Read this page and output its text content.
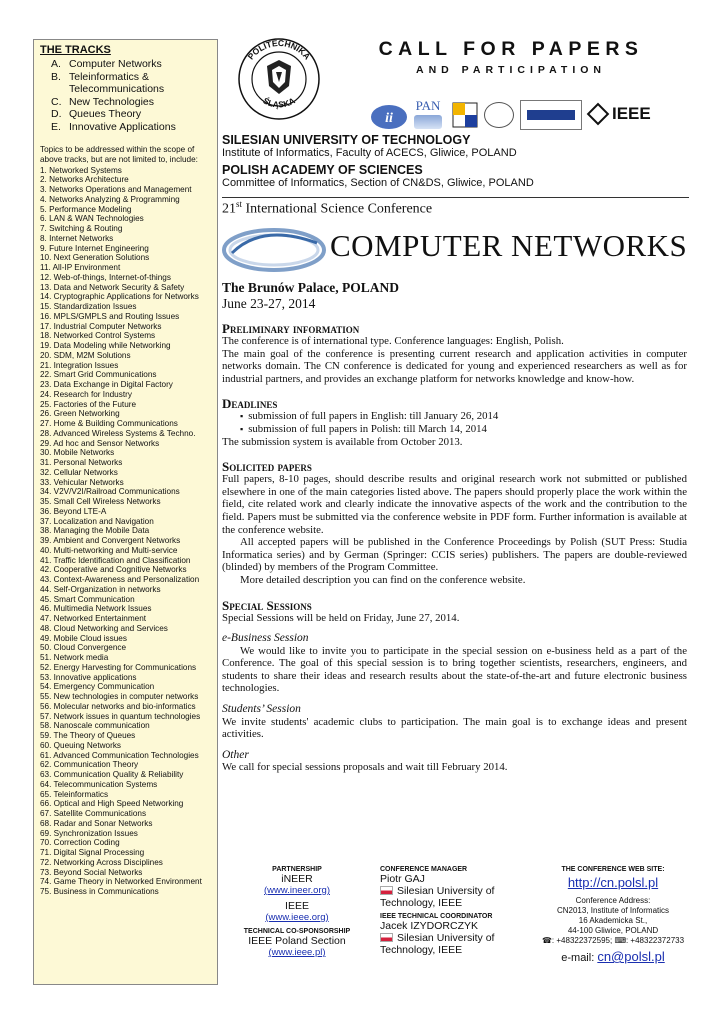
THE TRACKS
A. Computer Networks
B. Teleinformatics &
Telecommunications
C. New Technologies
D. Queues Theory
E. Innovative Applications
Topics to be addressed within the scope of above tracks, but are not limited to, include:
1. Networked Systems
2. Networks Architecture
3. Networks Operations and Management
4. Networks Analyzing & Programming
5. Performance Modeling
6. LAN & WAN Technologies
7. Switching & Routing
8. Internet Networks
9. Future Internet Engineering
10. Next Generation Solutions
11. All-IP Environment
12. Web-of-things, Internet-of-things
13. Data and Network Security & Safety
14. Cryptographic Applications for Networks
15. Standardization Issues
16. MPLS/GMPLS and Routing Issues
17. Industrial Computer Networks
18. Networked Control Systems
19. Data Modeling while Networking
20. SDM, M2M Solutions
21. Integration Issues
22. Smart Grid Communications
23. Data Exchange in Digital Factory
24. Research for Industry
25. Factories of the Future
26. Green Networking
27. Home & Building Communications
28. Advanced Wireless Systems & Techno.
29. Ad hoc and Sensor Networks
30. Mobile Networks
31. Personal Networks
32. Cellular Networks
33. Vehicular Networks
34. V2V/V2I/Railroad Communications
35. Small Cell Wireless Networks
36. Beyond LTE-A
37. Localization and Navigation
38. Managing the Mobile Data
39. Ambient and Convergent Networks
40. Multi-networking and Multi-service
41. Traffic Identification and Classification
42. Cooperative and Cognitive Networks
43. Context-Awareness and Personalization
44. Self-Organization in networks
45. Smart Communication
46. Multimedia Network Issues
47. Networked Entertainment
48. Cloud Networking and Services
49. Mobile Cloud issues
50. Cloud Convergence
51. Network media
52. Energy Harvesting for Communications
53. Innovative applications
54. Emergency Communication
55. New technologies in computer networks
56. Molecular networks and bio-informatics
57. Network issues in quantum technologies
58. Nanoscale communication
59. The Theory of Queues
60. Queuing Networks
61. Advanced Communication Technologies
62. Communication Theory
63. Communication Quality & Reliability
64. Telecommunication Systems
65. Teleinformatics
66. Optical and High Speed Networking
67. Satellite Communications
68. Radar and Sonar Networks
69. Synchronization Issues
70. Correction Coding
71. Digital Signal Processing
72. Networking Across Disciplines
73. Beyond Social Networks
74. Game Theory in Networked Environment
75. Business in Communications
POLITECHNIKA
ŚLĄSKA
CALL FOR PAPERS
AND PARTICIPATION
ii
PAN	IEEE
SILESIAN UNIVERSITY OF TECHNOLOGY
Institute of Informatics, Faculty of ACECS, Gliwice, POLAND
POLISH ACADEMY OF SCIENCES
Committee of Informatics, Section of CN&DS, Gliwice, POLAND
21st International Science Conference
COMPUTER NETWORKS
The Brunów Palace, POLAND
June 23-27, 2014
Preliminary information

The conference is of international type. Conference languages: English, Polish.

The main goal of the conference is presenting current research and application activities in computer networks domain. The CN conference is dedicated for young and experienced researchers as well as for industrial partners, and provides an exchange platform for networks knowledge and know-how.

Deadlines
▪ submission of full papers in English: till January 26, 2014
▪ submission of full papers in Polish: till March 14, 2014

The submission system is available from October 2013.

Solicited papers

Full papers, 8-10 pages, should describe results and original research work not submitted or published elsewhere in one of the main categories listed above. The papers should properly place the work within the field, cite related work and clearly indicate the innovative aspects of the work and the contribution to the field. Papers must be submitted via the conference website in PDF form. Further information is available at the conference website.

All accepted papers will be published in the Conference Proceedings by Polish (SUT Press: Studia Informatica series) and by German (Springer: CCIS series) publishers. The papers are double-reviewed (blinded) by members of the Program Committee.

More detailed description you can find on the conference website.

Special Sessions

Special Sessions will be held on Friday, June 27, 2014.

e-Business Session

We would like to invite you to participate in the special session on e-business held as a part of the Conference. The goal of this special session is to bring together scientists, researchers, engineers, and students to share their ideas and research results about the state-of-the-art and future electronic business technologies.

Students’ Session

We invite students' academic clubs to participation. The main goal is to exchange ideas and present activities.

Other

We call for special sessions proposals and wait till February 2014.

PARTNERSHIP
iNEER
(www.ineer.org)
IEEE
(www.ieee.org)
TECHNICAL CO-SPONSORSHIP
IEEE Poland Section
(www.ieee.pl)
CONFERENCE MANAGER
Piotr GAJ
Silesian University of Technology, IEEE
IEEE TECHNICAL COORDINATOR
Jacek IZYDORCZYK
Silesian University of Technology, IEEE
THE CONFERENCE WEB SITE:
http://cn.polsl.pl
Conference Address:
CN2013, Institute of Informatics
16 Akademicka St.,
44-100 Gliwice, POLAND
☎: +48322372595; ⌨: +48322372733
e-mail: cn@polsl.pl
